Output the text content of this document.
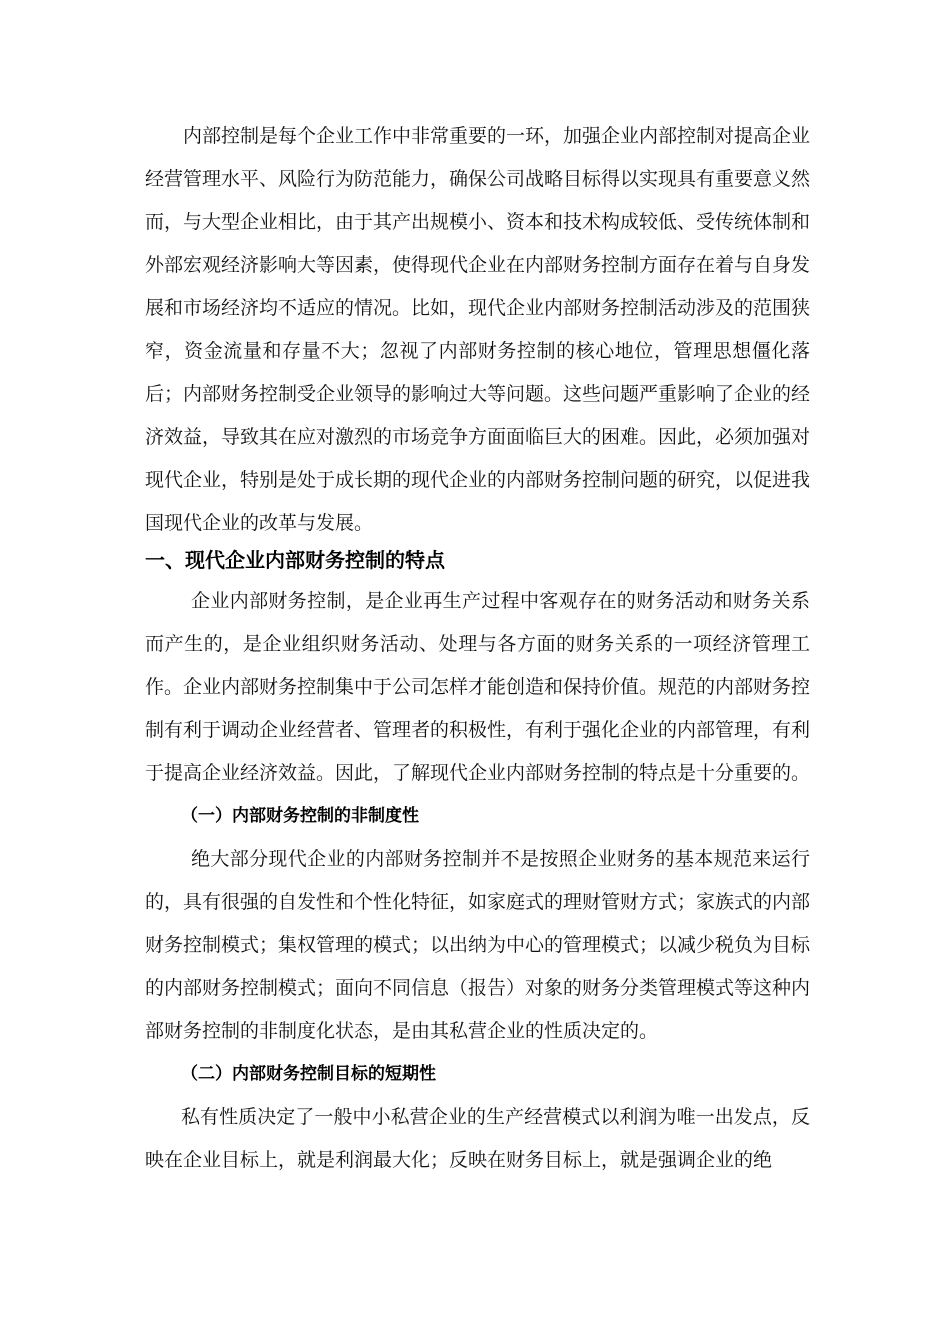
内部控制是每个企业工作中非常重要的一环，加强企业内部控制对提高企业经营管理水平、风险行为防范能力，确保公司战略目标得以实现具有重要意义然而，与大型企业相比，由于其产出规模小、资本和技术构成较低、受传统体制和外部宏观经济影响大等因素，使得现代企业在内部财务控制方面存在着与自身发展和市场经济均不适应的情况。比如，现代企业内部财务控制活动涉及的范围狭窄，资金流量和存量不大；忽视了内部财务控制的核心地位，管理思想僵化落后；内部财务控制受企业领导的影响过大等问题。这些问题严重影响了企业的经济效益，导致其在应对激烈的市场竞争方面面临巨大的困难。因此，必须加强对现代企业，特别是处于成长期的现代企业的内部财务控制问题的研究，以促进我国现代企业的改革与发展。

一、现代企业内部财务控制的特点

企业内部财务控制，是企业再生产过程中客观存在的财务活动和财务关系而产生的，是企业组织财务活动、处理与各方面的财务关系的一项经济管理工作。企业内部财务控制集中于公司怎样才能创造和保持价值。规范的内部财务控制有利于调动企业经营者、管理者的积极性，有利于强化企业的内部管理，有利于提高企业经济效益。因此，了解现代企业内部财务控制的特点是十分重要的。

（一）内部财务控制的非制度性

绝大部分现代企业的内部财务控制并不是按照企业财务的基本规范来运行的，具有很强的自发性和个性化特征，如家庭式的理财管财方式；家族式的内部财务控制模式；集权管理的模式；以出纳为中心的管理模式；以减少税负为目标的内部财务控制模式；面向不同信息（报告）对象的财务分类管理模式等这种内部财务控制的非制度化状态，是由其私营企业的性质决定的。

（二）内部财务控制目标的短期性

私有性质决定了一般中小私营企业的生产经营模式以利润为唯一出发点，反映在企业目标上，就是利润最大化；反映在财务目标上，就是强调企业的绝
